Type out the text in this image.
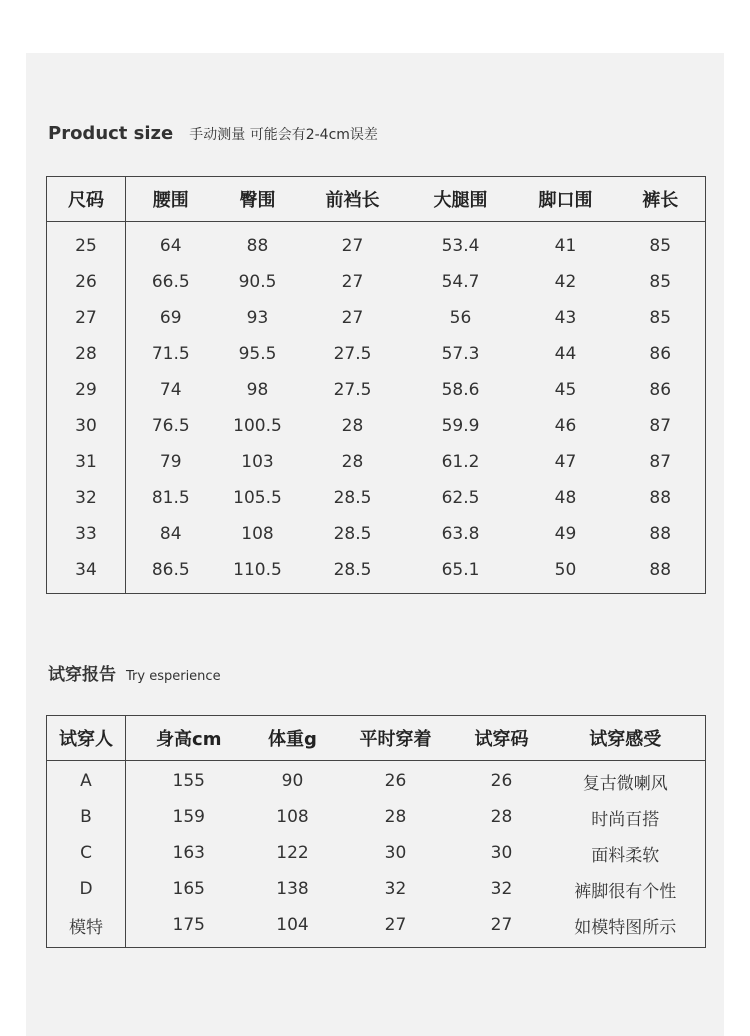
Product size 手动测量 可能会有2-4cm误差
尺码	腰围	臀围	前裆长	大腿围	脚口围	裤长
25	64	88	27	53.4	41	85
26	66.5	90.5	27	54.7	42	85
27	69	93	27	56	43	85
28	71.5	95.5	27.5	57.3	44	86
29	74	98	27.5	58.6	45	86
30	76.5	100.5	28	59.9	46	87
31	79	103	28	61.2	47	87
32	81.5	105.5	28.5	62.5	48	88
33	84	108	28.5	63.8	49	88
34	86.5	110.5	28.5	65.1	50	88
试穿报告 Try esperience
试穿人	身高cm	体重g	平时穿着	试穿码	试穿感受
A	155	90	26	26	复古微喇风
B	159	108	28	28	时尚百搭
C	163	122	30	30	面料柔软
D	165	138	32	32	裤脚很有个性
模特	175	104	27	27	如模特图所示
